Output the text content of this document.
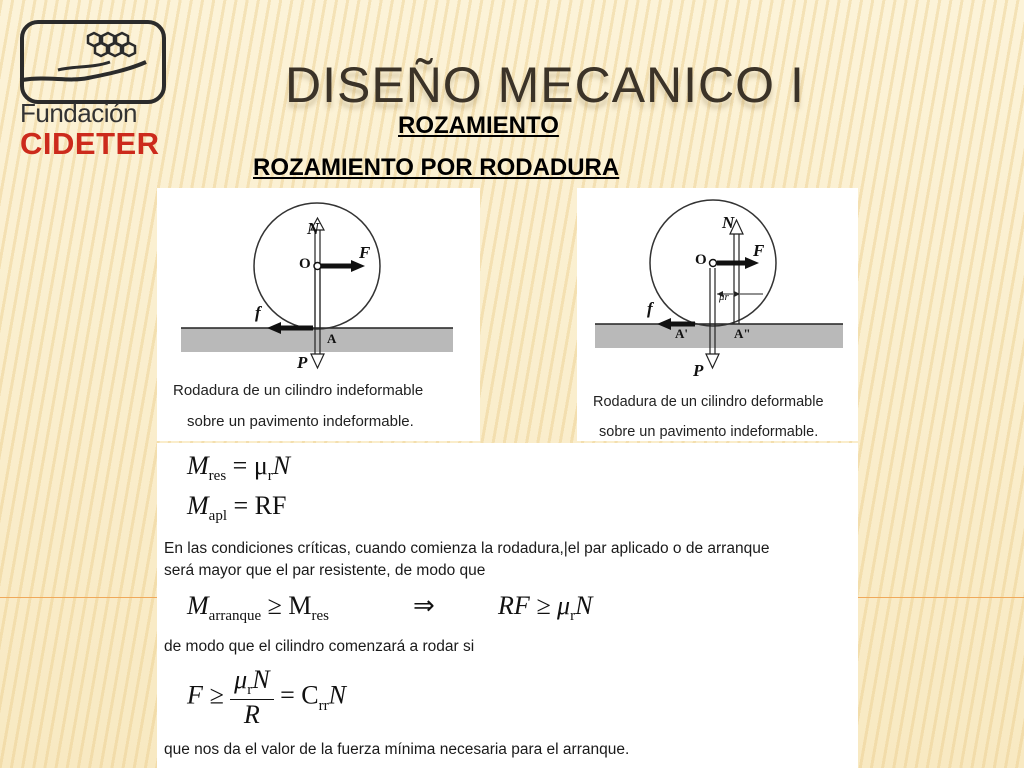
Fundación
CIDETER
DISEÑO MECANICO I
ROZAMIENTO
ROZAMIENTO POR RODADURA
N
O
F
f
A
P
Rodadura de un cilindro indeformable
sobre un pavimento indeformable.
N
O	F
f
A'	A"
μr
P
Rodadura de un cilindro deformable
sobre un pavimento indeformable.
$M_{res} = \mu_rN$
$M_{apl}$ = RF
En las condiciones críticas, cuando comienza la rodadura,|el par aplicado o de arranque
será mayor que el par resistente, de modo que
$M_{arranque} \ge M_{res}$	⇒ RF ≥ $\mu_rN$
de modo que el cilindro comenzará a rodar si
$F \ge \frac{\mu_rN}{R} = C_{rr}N$
que nos da el valor de la fuerza mínima necesaria para el arranque.
